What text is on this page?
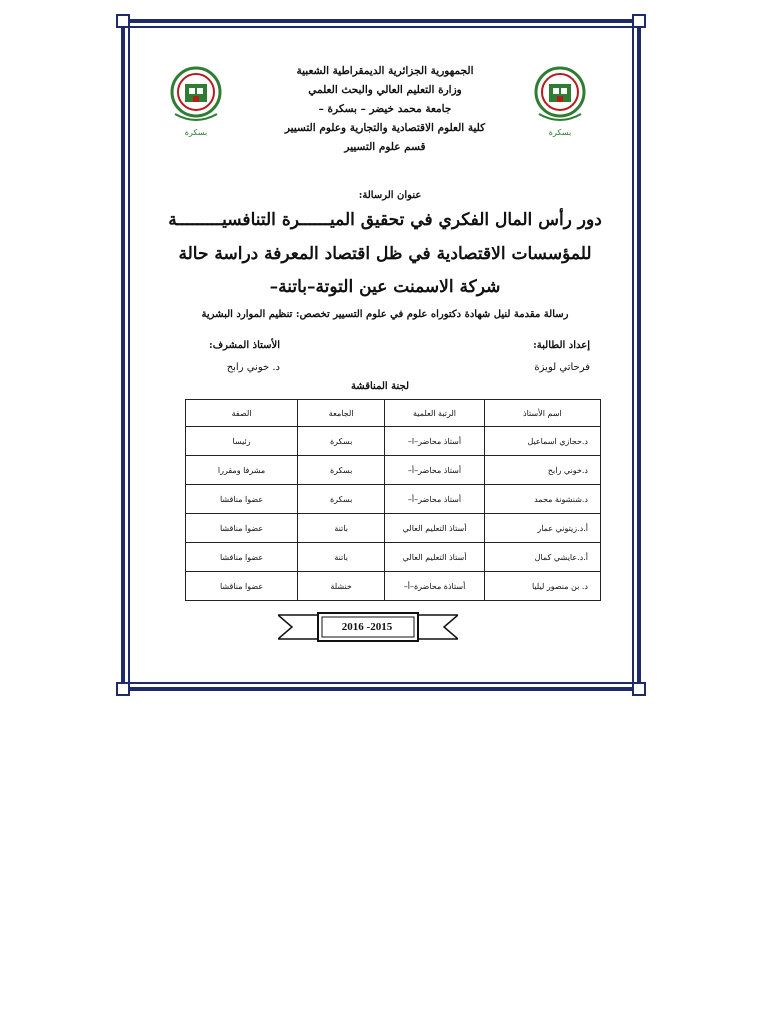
بسكرة	بسكرة
الجمهورية الجزائرية الديمقراطية الشعبية
وزارة التعليم العالي والبحث العلمي
جامعة محمد خيضر – بسكرة –
كلية العلوم الاقتصادية والتجارية وعلوم التسيير
قسم علوم التسيير
عنوان الرسالة:
دور رأس المال الفكري في تحقيق الميــــــرة التنافسيـــــــــة
للمؤسسات الاقتصادية في ظل اقتصاد المعرفة دراسة حالة
شركة الاسمنت عين التوتة–باتنة–
رسالة مقدمة لنيل شهادة دكتوراه علوم في علوم التسيير تخصص: تنظيم الموارد البشرية
إعداد الطالبة:
فرحاتي لويزة
الأستاذ المشرف:
د. خوني رابح
لجنة المناقشة
اسم الأستاذ	الرتبة العلمية	الجامعة	الصفة
د.حجازي اسماعيل	أستاذ محاضر–ا–	بسكرة	رئيسا
د.خوني رابح	أستاذ محاضر–أ–	بسكرة	مشرفا ومقررا
د.شنشونة محمد	أستاذ محاضر–أ–	بسكرة	عضوا مناقشا
أ.د.زيتوني عمار	أستاذ التعليم العالي	باتنة	عضوا مناقشا
أ.د.عايشي كمال	أستاذ التعليم العالي	باتنة	عضوا مناقشا
د. بن منصور ليليا	أستاذة محاضرة–أ–	خنشلة	عضوا مناقشا
2016 -2015
